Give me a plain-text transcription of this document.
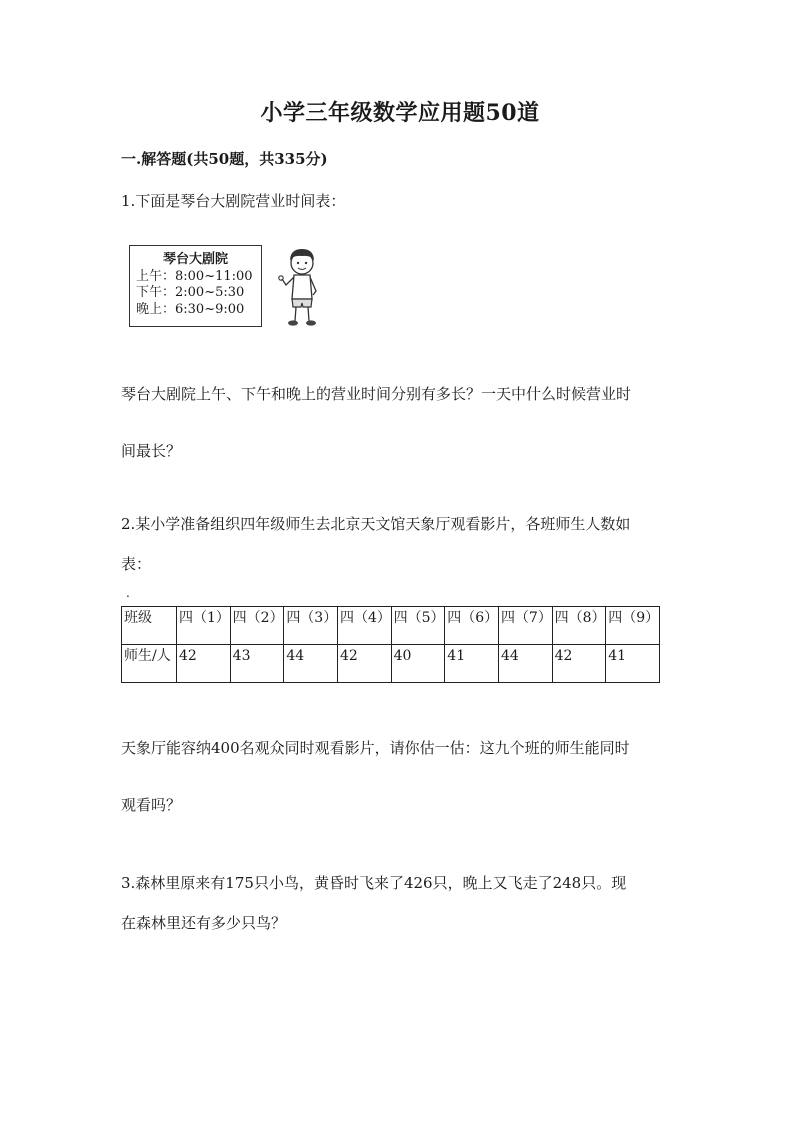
小学三年级数学应用题50道
一.解答题(共50题，共335分)
1.下面是琴台大剧院营业时间表：
琴台大剧院
上午：8:00~11:00
下午：2:00~5:30
晚上：6:30~9:00
琴台大剧院上午、下午和晚上的营业时间分别有多长？一天中什么时候营业时
间最长？
2.某小学准备组织四年级师生去北京天文馆天象厅观看影片，各班师生人数如
表：
.
班级	四（1）	四（2）	四（3）	四（4）	四（5）	四（6）	四（7）	四（8）	四（9）
师生/人	42	43	44	42	40	41	44	42	41
天象厅能容纳400名观众同时观看影片，请你估一估：这九个班的师生能同时
观看吗？
3.森林里原来有175只小鸟，黄昏时飞来了426只，晚上又飞走了248只。现
在森林里还有多少只鸟？
